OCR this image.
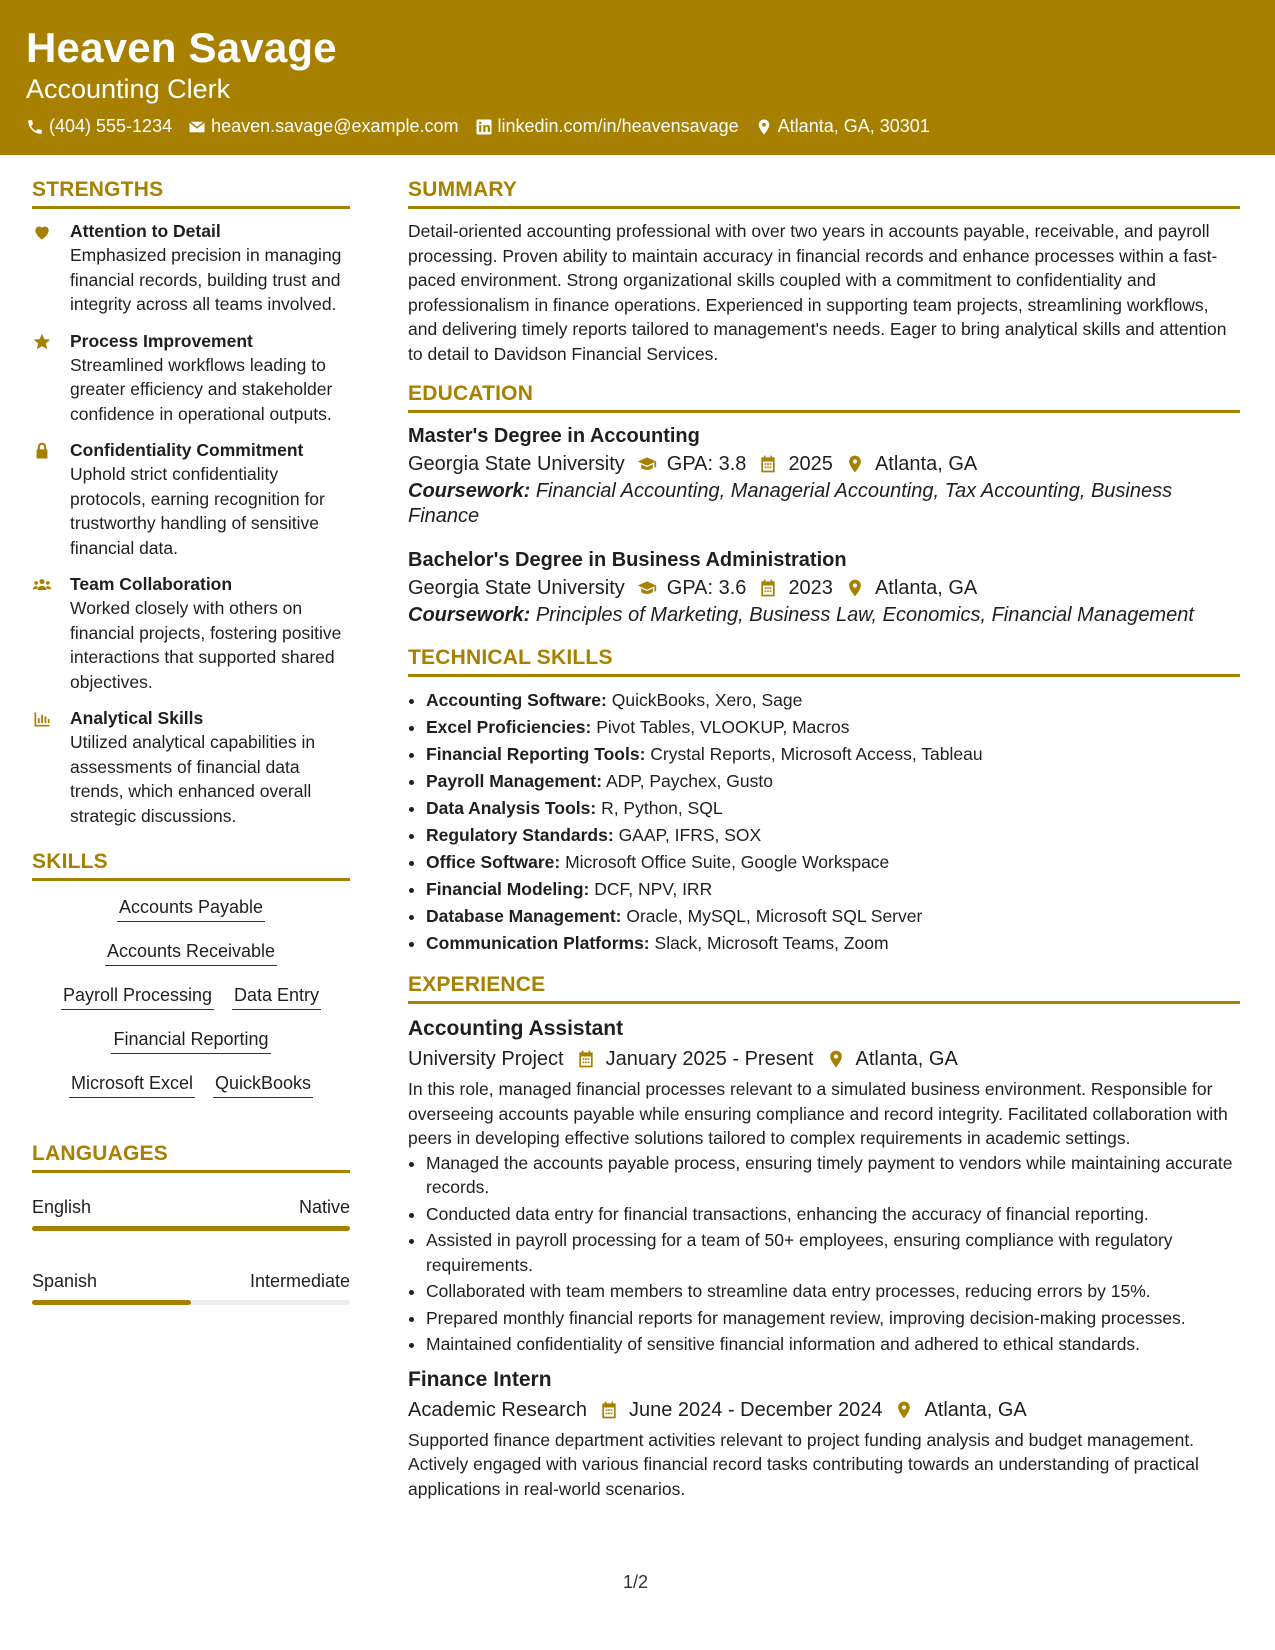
Heaven Savage
Accounting Clerk
(404) 555-1234 heaven.savage@example.com linkedin.com/in/heavensavage Atlanta, GA, 30301
STRENGTHS
Attention to Detail
Emphasized precision in managing financial records, building trust and integrity across all teams involved.
Process Improvement
Streamlined workflows leading to greater efficiency and stakeholder confidence in operational outputs.
Confidentiality Commitment
Uphold strict confidentiality protocols, earning recognition for trustworthy handling of sensitive financial data.
Team Collaboration
Worked closely with others on financial projects, fostering positive interactions that supported shared objectives.
Analytical Skills
Utilized analytical capabilities in assessments of financial data trends, which enhanced overall strategic discussions.
SKILLS
Accounts Payable
Accounts Receivable
Payroll Processing Data Entry
Financial Reporting
Microsoft Excel QuickBooks
LANGUAGES
English	Native
Spanish	Intermediate
SUMMARY
Detail-oriented accounting professional with over two years in accounts payable, receivable, and payroll processing. Proven ability to maintain accuracy in financial records and enhance processes within a fast-paced environment. Strong organizational skills coupled with a commitment to confidentiality and professionalism in finance operations. Experienced in supporting team projects, streamlining workflows, and delivering timely reports tailored to management's needs. Eager to bring analytical skills and attention to detail to Davidson Financial Services.
EDUCATION
Master's Degree in Accounting
Georgia State University GPA: 3.8 2025 Atlanta, GA
Coursework: Financial Accounting, Managerial Accounting, Tax Accounting, Business Finance
Bachelor's Degree in Business Administration
Georgia State University GPA: 3.6 2023 Atlanta, GA
Coursework: Principles of Marketing, Business Law, Economics, Financial Management
TECHNICAL SKILLS
• Accounting Software: QuickBooks, Xero, Sage
• Excel Proficiencies: Pivot Tables, VLOOKUP, Macros
• Financial Reporting Tools: Crystal Reports, Microsoft Access, Tableau
• Payroll Management: ADP, Paychex, Gusto
• Data Analysis Tools: R, Python, SQL
• Regulatory Standards: GAAP, IFRS, SOX
• Office Software: Microsoft Office Suite, Google Workspace
• Financial Modeling: DCF, NPV, IRR
• Database Management: Oracle, MySQL, Microsoft SQL Server
• Communication Platforms: Slack, Microsoft Teams, Zoom
EXPERIENCE
Accounting Assistant
University Project January 2025 - Present Atlanta, GA
In this role, managed financial processes relevant to a simulated business environment. Responsible for overseeing accounts payable while ensuring compliance and record integrity. Facilitated collaboration with peers in developing effective solutions tailored to complex requirements in academic settings.
• Managed the accounts payable process, ensuring timely payment to vendors while maintaining accurate records.
• Conducted data entry for financial transactions, enhancing the accuracy of financial reporting.
• Assisted in payroll processing for a team of 50+ employees, ensuring compliance with regulatory requirements.
• Collaborated with team members to streamline data entry processes, reducing errors by 15%.
• Prepared monthly financial reports for management review, improving decision-making processes.
• Maintained confidentiality of sensitive financial information and adhered to ethical standards.
Finance Intern
Academic Research June 2024 - December 2024 Atlanta, GA
Supported finance department activities relevant to project funding analysis and budget management. Actively engaged with various financial record tasks contributing towards an understanding of practical applications in real-world scenarios.
1/2
